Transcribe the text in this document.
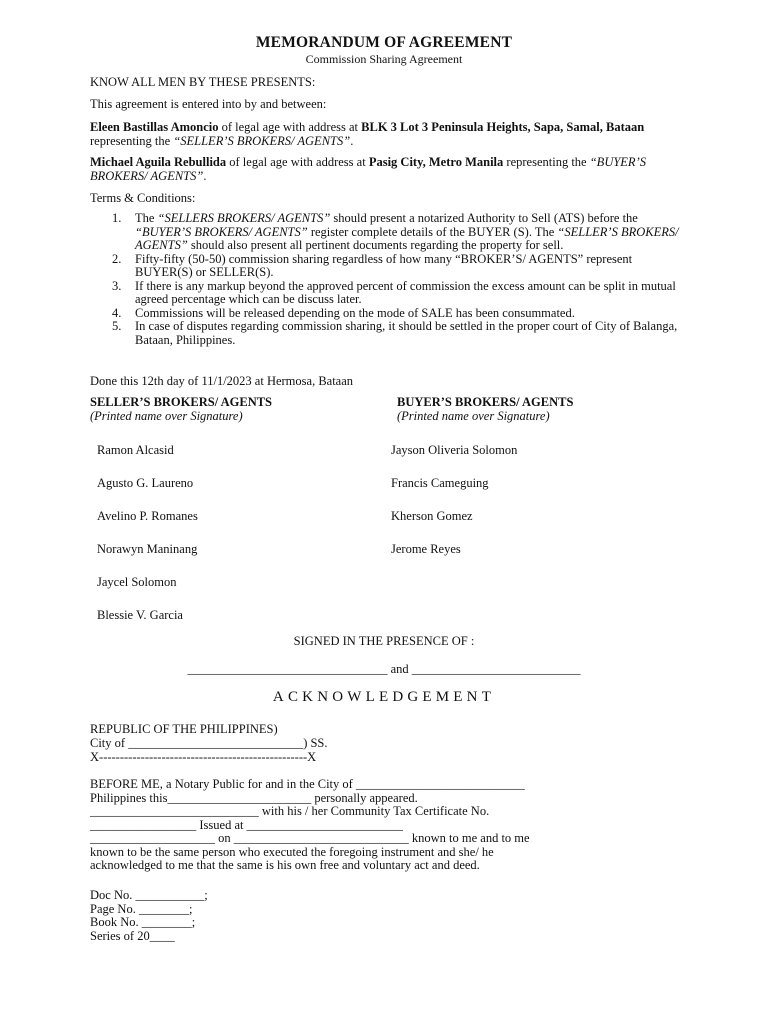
MEMORANDUM OF AGREEMENT
Commission Sharing Agreement
KNOW ALL MEN BY THESE PRESENTS:
This agreement is entered into by and between:
Eleen Bastillas Amoncio of legal age with address at BLK 3 Lot 3 Peninsula Heights, Sapa, Samal, Bataan representing the “SELLER’S BROKERS/ AGENTS”.
Michael Aguila Rebullida of legal age with address at Pasig City, Metro Manila representing the “BUYER’S BROKERS/ AGENTS”.
Terms & Conditions:
1. The “SELLERS BROKERS/ AGENTS” should present a notarized Authority to Sell (ATS) before the “BUYER’S BROKERS/ AGENTS” register complete details of the BUYER (S). The “SELLER’S BROKERS/ AGENTS” should also present all pertinent documents regarding the property for sell.
2. Fifty-fifty (50-50) commission sharing regardless of how many “BROKER’S/ AGENTS” represent BUYER(S) or SELLER(S).
3. If there is any markup beyond the approved percent of commission the excess amount can be split in mutual agreed percentage which can be discuss later.
4. Commissions will be released depending on the mode of SALE has been consummated.
5. In case of disputes regarding commission sharing, it should be settled in the proper court of City of Balanga, Bataan, Philippines.
Done this 12th day of 11/1/2023 at Hermosa, Bataan
SELLER’S BROKERS/ AGENTS
(Printed name over Signature)
Ramon Alcasid
Agusto G. Laureno
Avelino P. Romanes
Norawyn Maninang
Jaycel Solomon
Blessie V. Garcia
BUYER’S BROKERS/ AGENTS
(Printed name over Signature)
Jayson Oliveria Solomon
Francis Cameguing
Kherson Gomez
Jerome Reyes
SIGNED IN THE PRESENCE OF :
________________________________ and ___________________________
ACKNOWLEDGEMENT
REPUBLIC OF THE PHILIPPINES)
City of ____________________________) SS.
X--------------------------------------------------X
BEFORE ME, a Notary Public for and in the City of ___________________________
Philippines this_______________________ personally appeared.
___________________________ with his / her Community Tax Certificate No.
_________________ Issued at _________________________
____________________ on ____________________________ known to me and to me
known to be the same person who executed the foregoing instrument and she/ he
acknowledged to me that the same is his own free and voluntary act and deed.
Doc No. ___________;
Page No. ________;
Book No. ________;
Series of 20____
